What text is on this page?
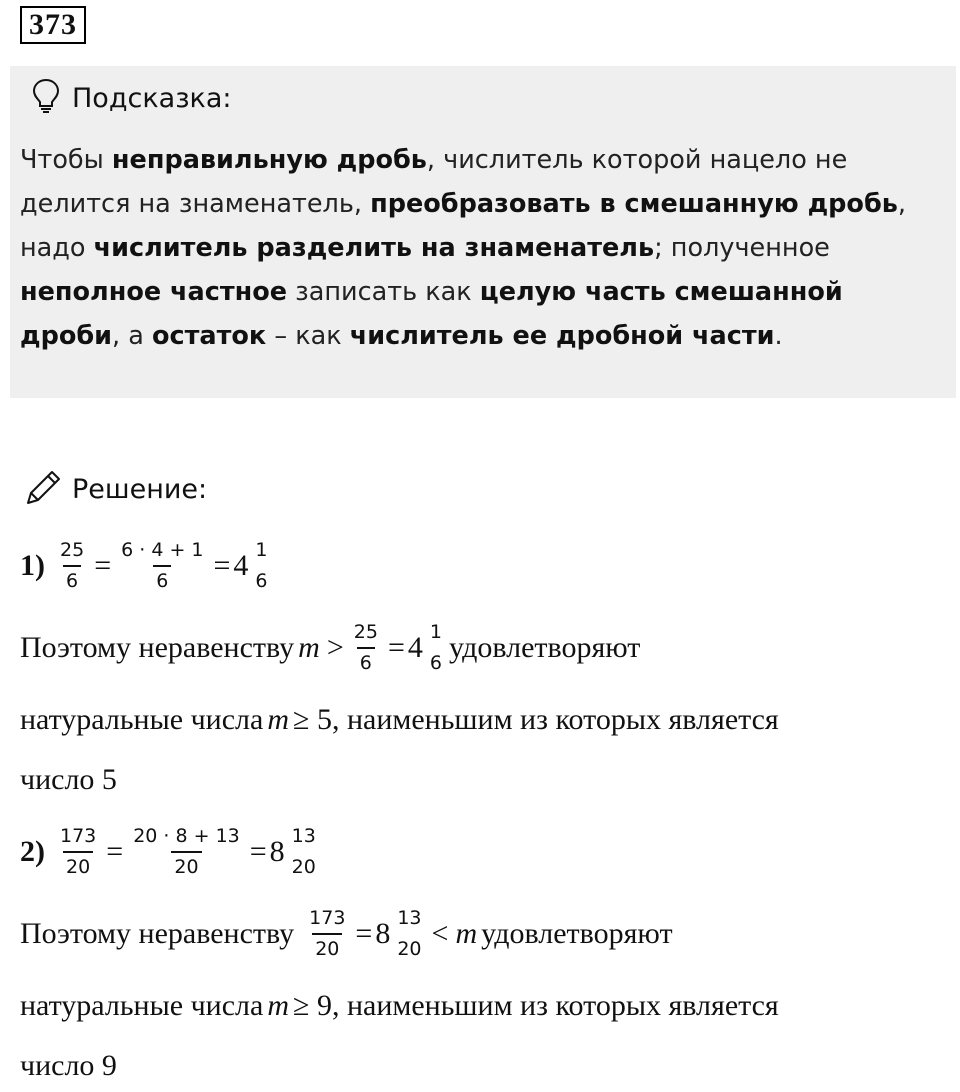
373
Подсказка:
Чтобы неправильную дробь, числитель которой нацело не делится на знаменатель, преобразовать в смешанную дробь, надо числитель разделить на знаменатель; полученное неполное частное записать как целую часть смешанной дроби, а остаток – как числитель ее дробной части.
Решение:
$1) \frac{25}{6} = \frac{6 \cdot 4 + 1}{6} = 4$ 1
6
Поэтому неравенству $m > \frac{25}{6} = 4$ 1
6 удовлетворяют
натуральные числа m ≥ 5, наименьшим из которых является
число 5
$2) \frac{173}{20} = \frac{20 \cdot 8 + 13}{20} = 8$ 13
20
Поэтому неравенству $\frac{173}{20} = 8$ 13
20 < m удовлетворяют
натуральные числа m ≥ 9, наименьшим из которых является
число 9
